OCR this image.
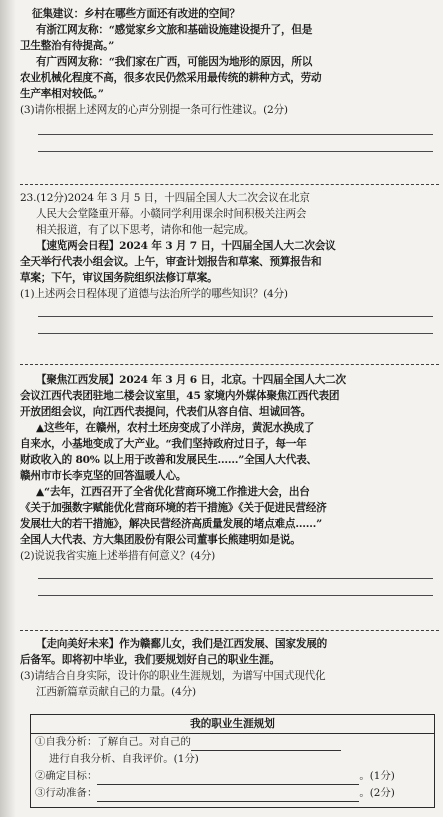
征集建议：乡村在哪些方面还有改进的空间？
有浙江网友称：“感觉家乡文旅和基础设施建设提升了，但是
卫生整治有待提高。”
有广西网友称：“我们家在广西，可能因为地形的原因，所以
农业机械化程度不高，很多农民仍然采用最传统的耕种方式，劳动
生产率相对较低。”
(3)请你根据上述网友的心声分别提一条可行性建议。(2分)
23.(12分)2024 年 3 月 5 日，十四届全国人大二次会议在北京
人民大会堂隆重开幕。小赣同学利用课余时间积极关注两会
相关报道，有了以下思考，请你和他一起完成。
【速览两会日程】2024 年 3 月 7 日，十四届全国人大二次会议
全天举行代表小组会议。上午，审查计划报告和草案、预算报告和
草案；下午，审议国务院组织法修订草案。
(1)上述两会日程体现了道德与法治所学的哪些知识？(4分)
【聚焦江西发展】2024 年 3 月 6 日，北京。十四届全国人大二次
会议江西代表团驻地二楼会议室里，45 家境内外媒体聚焦江西代表团
开放团组会议，向江西代表提问，代表们从容自信、坦诚回答。
▲这些年，在赣州，农村土坯房变成了小洋房，黄泥水换成了
自来水，小基地变成了大产业。“我们坚持政府过日子，每一年
财政收入的 80% 以上用于改善和发展民生……”全国人大代表、
赣州市市长李克坚的回答温暖人心。
▲“去年，江西召开了全省优化营商环境工作推进大会，出台
《关于加强数字赋能优化营商环境的若干措施》《关于促进民营经济
发展壮大的若干措施》，解决民营经济高质量发展的堵点难点……”
全国人大代表、方大集团股份有限公司董事长熊建明如是说。
(2)说说我省实施上述举措有何意义？(4分)
【走向美好未来】作为赣鄱儿女，我们是江西发展、国家发展的
后备军。即将初中毕业，我们要规划好自己的职业生涯。
(3)请结合自身实际，设计你的职业生涯规划，为谱写中国式现代化
江西新篇章贡献自己的力量。(4分)
我的职业生涯规划
①自我分析：了解自己。对自己的
进行自我分析、自我评价。(1分)
②确定目标：	。(1分)
③行动准备：	。(2分)
